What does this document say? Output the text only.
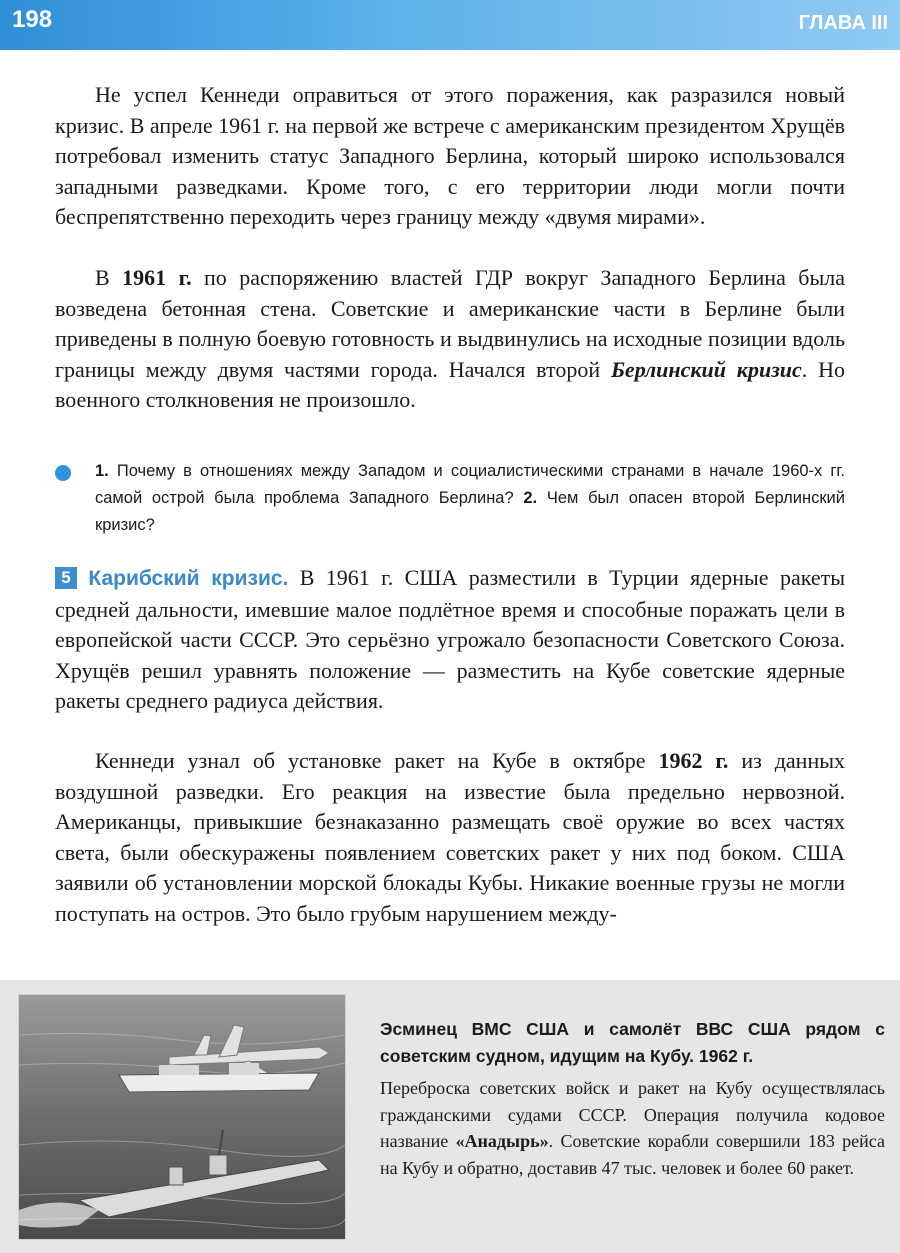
198	ГЛАВА III

Не успел Кеннеди оправиться от этого поражения, как разразился новый кризис. В апреле 1961 г. на первой же встрече с американским президентом Хрущёв потребовал изменить статус Западного Берлина, который широко использовался западными разведками. Кроме того, с его территории люди могли почти беспрепятственно переходить через границу между «двумя мирами».

В 1961 г. по распоряжению властей ГДР вокруг Западного Берлина была возведена бетонная стена. Советские и американские части в Берлине были приведены в полную боевую готовность и выдвинулись на исходные позиции вдоль границы между двумя частями города. Начался второй Берлинский кризис. Но военного столкновения не произошло.

1. Почему в отношениях между Западом и социалистическими странами в начале 1960-х гг. самой острой была проблема Западного Берлина? 2. Чем был опасен второй Берлинский кризис?

5 Карибский кризис. В 1961 г. США разместили в Турции ядерные ракеты средней дальности, имевшие малое подлётное время и способные поражать цели в европейской части СССР. Это серьёзно угрожало безопасности Советского Союза. Хрущёв решил уравнять положение — разместить на Кубе советские ядерные ракеты среднего радиуса действия.

Кеннеди узнал об установке ракет на Кубе в октябре 1962 г. из данных воздушной разведки. Его реакция на известие была предельно нервозной. Американцы, привыкшие безнаказанно размещать своё оружие во всех частях света, были обескуражены появлением советских ракет у них под боком. США заявили об установлении морской блокады Кубы. Никакие военные грузы не могли поступать на остров. Это было грубым нарушением между-

Эсминец ВМС США и самолёт ВВС США рядом с советским судном, идущим на Кубу. 1962 г.

Переброска советских войск и ракет на Кубу осуществлялась гражданскими судами СССР. Операция получила кодовое название «Анадырь». Советские корабли совершили 183 рейса на Кубу и обратно, доставив 47 тыс. человек и более 60 ракет.
